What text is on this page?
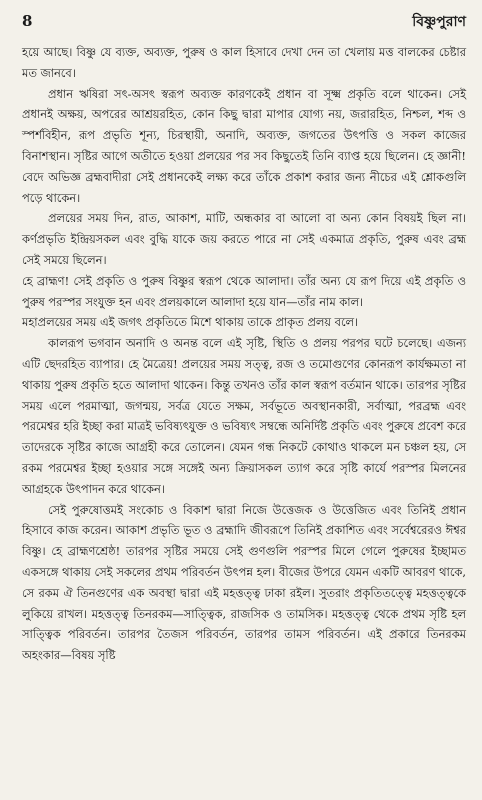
8	বিষ্ণুপুরাণ

হয়ে আছে। বিষ্ণু যে ব্যক্ত, অব্যক্ত, পুরুষ ও কাল হিসাবে দেখা দেন তা খেলায় মত্ত বালকের চেষ্টার মত জানবে।

প্রধান ঋষিরা সৎ-অসৎ স্বরূপ অব্যক্ত কারণকেই প্রধান বা সূক্ষ্ম প্রকৃতি বলে থাকেন। সেই প্রধানই অক্ষয়, অপরের আশ্রয়রহিত, কোন কিছু দ্বারা মাপার যোগ্য নয়, জরারহিত, নিশ্চল, শব্দ ও স্পর্শবিহীন, রূপ প্রভৃতি শূন্য, চিরস্থায়ী, অনাদি, অব্যক্ত, জগতের উৎপত্তি ও সকল কাজের বিনাশস্থান। সৃষ্টির আগে অতীতে হওয়া প্রলয়ের পর সব কিছুতেই তিনি ব্যাপ্ত হয়ে ছিলেন। হে জ্ঞানী! বেদে অভিজ্ঞ ব্রহ্মবাদীরা সেই প্রধানকেই লক্ষ্য করে তাঁকে প্রকাশ করার জন্য নীচের এই শ্লোকগুলি পড়ে থাকেন।

প্রলয়ের সময় দিন, রাত, আকাশ, মাটি, অন্ধকার বা আলো বা অন্য কোন বিষয়ই ছিল না। কর্ণপ্রভৃতি ইন্দ্রিয়সকল এবং বুদ্ধি যাকে জয় করতে পারে না সেই একমাত্র প্রকৃতি, পুরুষ এবং ব্রহ্ম সেই সময়ে ছিলেন।

হে ব্রাহ্মণ! সেই প্রকৃতি ও পুরুষ বিষ্ণুর স্বরূপ থেকে আলাদা। তাঁর অন্য যে রূপ দিয়ে এই প্রকৃতি ও পুরুষ পরস্পর সংযুক্ত হন এবং প্রলয়কালে আলাদা হয়ে যান—তাঁর নাম কাল।

মহাপ্রলয়ের সময় এই জগৎ প্রকৃতিতে মিশে থাকায় তাকে প্রাকৃত প্রলয় বলে।

কালরূপ ভগবান অনাদি ও অনন্ত বলে এই সৃষ্টি, স্থিতি ও প্রলয় পরপর ঘটে চলেছে। এজন্য এটি ছেদরহিত ব্যাপার। হে মৈত্রেয়! প্রলয়ের সময় সত্ত্ব, রজ ও তমোগুণের কোনরূপ কার্যক্ষমতা না থাকায় পুরুষ প্রকৃতি হতে আলাদা থাকেন। কিন্তু তখনও তাঁর কাল স্বরূপ বর্তমান থাকে। তারপর সৃষ্টির সময় এলে পরমাত্মা, জগন্ময়, সর্বত্র যেতে সক্ষম, সর্বভূতে অবস্থানকারী, সর্বাত্মা, পরব্রহ্ম এবং পরমেশ্বর হরি ইচ্ছা করা মাত্রই ভবিষ্যৎযুক্ত ও ভবিষ্যৎ সম্বন্ধে অনির্দিষ্ট প্রকৃতি এবং পুরুষে প্রবেশ করে তাদেরকে সৃষ্টির কাজে আগ্রহী করে তোলেন। যেমন গন্ধ নিকটে কোথাও থাকলে মন চঞ্চল হয়, সে রকম পরমেশ্বর ইচ্ছা হওয়ার সঙ্গে সঙ্গেই অন্য ক্রিয়াসকল ত্যাগ করে সৃষ্টি কার্যে পরস্পর মিলনের আগ্রহকে উৎপাদন করে থাকেন।

সেই পুরুষোত্তমই সংকোচ ও বিকাশ দ্বারা নিজে উত্তেজক ও উত্তেজিত এবং তিনিই প্রধান হিসাবে কাজ করেন। আকাশ প্রভৃতি ভূত ও ব্রহ্মাদি জীবরূপে তিনিই প্রকাশিত এবং সর্বেশ্বরেরও ঈশ্বর বিষ্ণু। হে ব্রাহ্মণশ্রেষ্ঠ! তারপর সৃষ্টির সময়ে সেই গুণগুলি পরস্পর মিলে গেলে পুরুষের ইচ্ছামত একসঙ্গে থাকায় সেই সকলের প্রথম পরিবর্তন উৎপন্ন হল। বীজের উপরে যেমন একটি আবরণ থাকে, সে রকম ঐ তিনগুণের এক অবস্থা দ্বারা এই মহত্তত্ত্ব ঢাকা রইল। সুতরাং প্রকৃতিতত্ত্বে মহত্তত্ত্বকে লুকিয়ে রাখল। মহত্তত্ত্ব তিনরকম—সাত্ত্বিক, রাজসিক ও তামসিক। মহত্তত্ত্ব থেকে প্রথম সৃষ্টি হল সাত্ত্বিক পরিবর্তন। তারপর তৈজস পরিবর্তন, তারপর তামস পরিবর্তন। এই প্রকারে তিনরকম অহংকার—বিষয় সৃষ্টি
